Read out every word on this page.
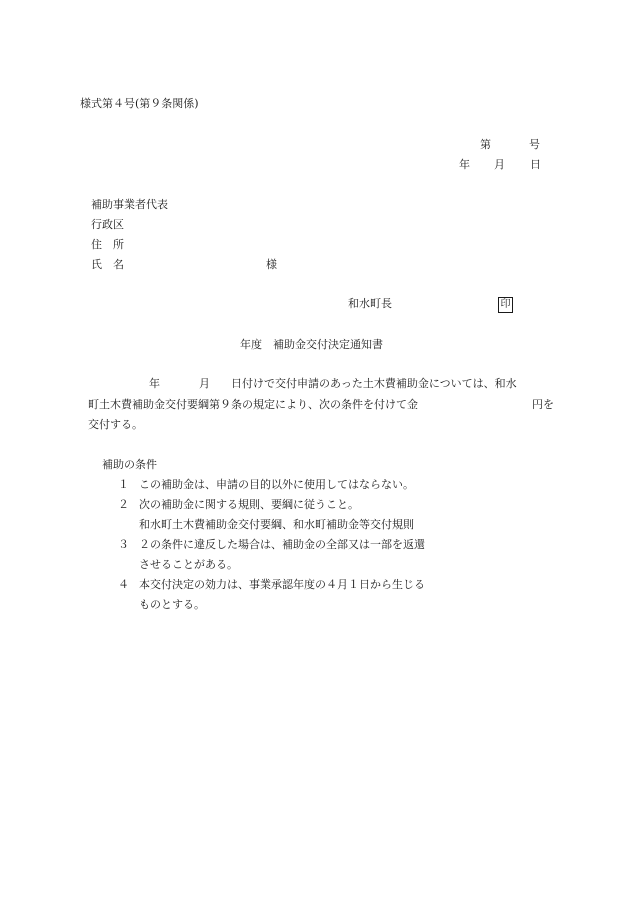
様式第４号(第９条関係)
第	号
年 月 日
補助事業者代表
行政区
住　所
氏　名	様
和水町長	印
年度　補助金交付決定通知書
年	月 日付けで交付申請のあった土木費補助金については、和水
町土木費補助金交付要綱第９条の規定により、次の条件を付けて金	円を
交付する。
補助の条件
１ この補助金は、申請の目的以外に使用してはならない。
２ 次の補助金に関する規則、要綱に従うこと。
和水町土木費補助金交付要綱、和水町補助金等交付規則
３ ２の条件に違反した場合は、補助金の全部又は一部を返還
させることがある。
４ 本交付決定の効力は、事業承認年度の４月１日から生じる
ものとする。
